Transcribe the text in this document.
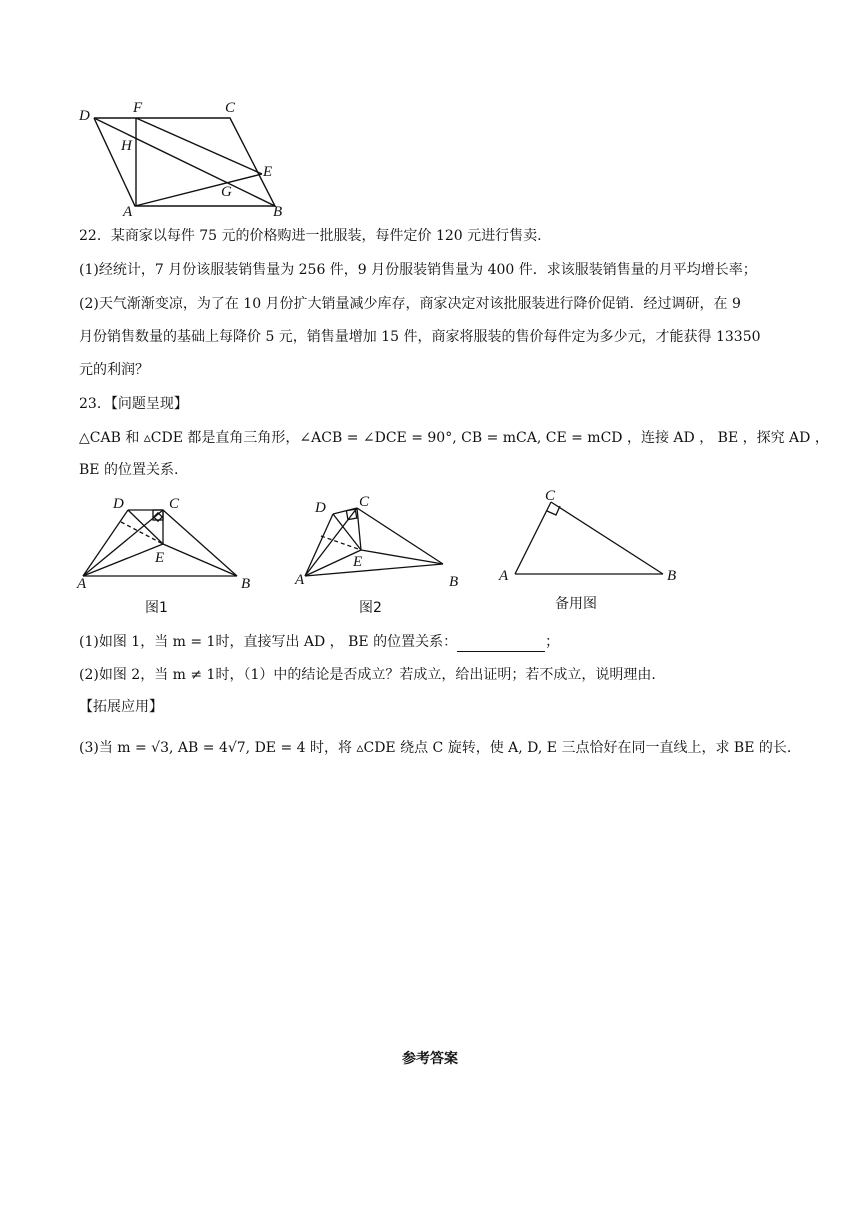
D	F	C
H
E
G
A	B
22．某商家以每件 75 元的价格购进一批服装，每件定价 120 元进行售卖.
(1)经统计，7 月份该服装销售量为 256 件，9 月份服装销售量为 400 件．求该服装销售量的月平均增长率；
(2)天气渐渐变凉，为了在 10 月份扩大销量减少库存，商家决定对该批服装进行降价促销．经过调研，在 9
月份销售数量的基础上每降价 5 元，销售量增加 15 件，商家将服装的售价每件定为多少元，才能获得 13350
元的利润？
23．【问题呈现】
△CAB 和 ▵CDE 都是直角三角形，∠ACB = ∠DCE = 90°, CB = mCA, CE = mCD ，连接 AD ， BE ，探究 AD ，
BE 的位置关系.
D	C
E
A	B
图1
D C
E
A	B
图2
C
A	B
备用图
(1)如图 1，当 m = 1时，直接写出 AD ， BE 的位置关系：	；
(2)如图 2，当 m ≠ 1时，（1）中的结论是否成立？若成立，给出证明；若不成立，说明理由.
【拓展应用】
(3)当 m = √3, AB = 4√7, DE = 4 时，将 ▵CDE 绕点 C 旋转，使 A, D, E 三点恰好在同一直线上，求 BE 的长.
参考答案
